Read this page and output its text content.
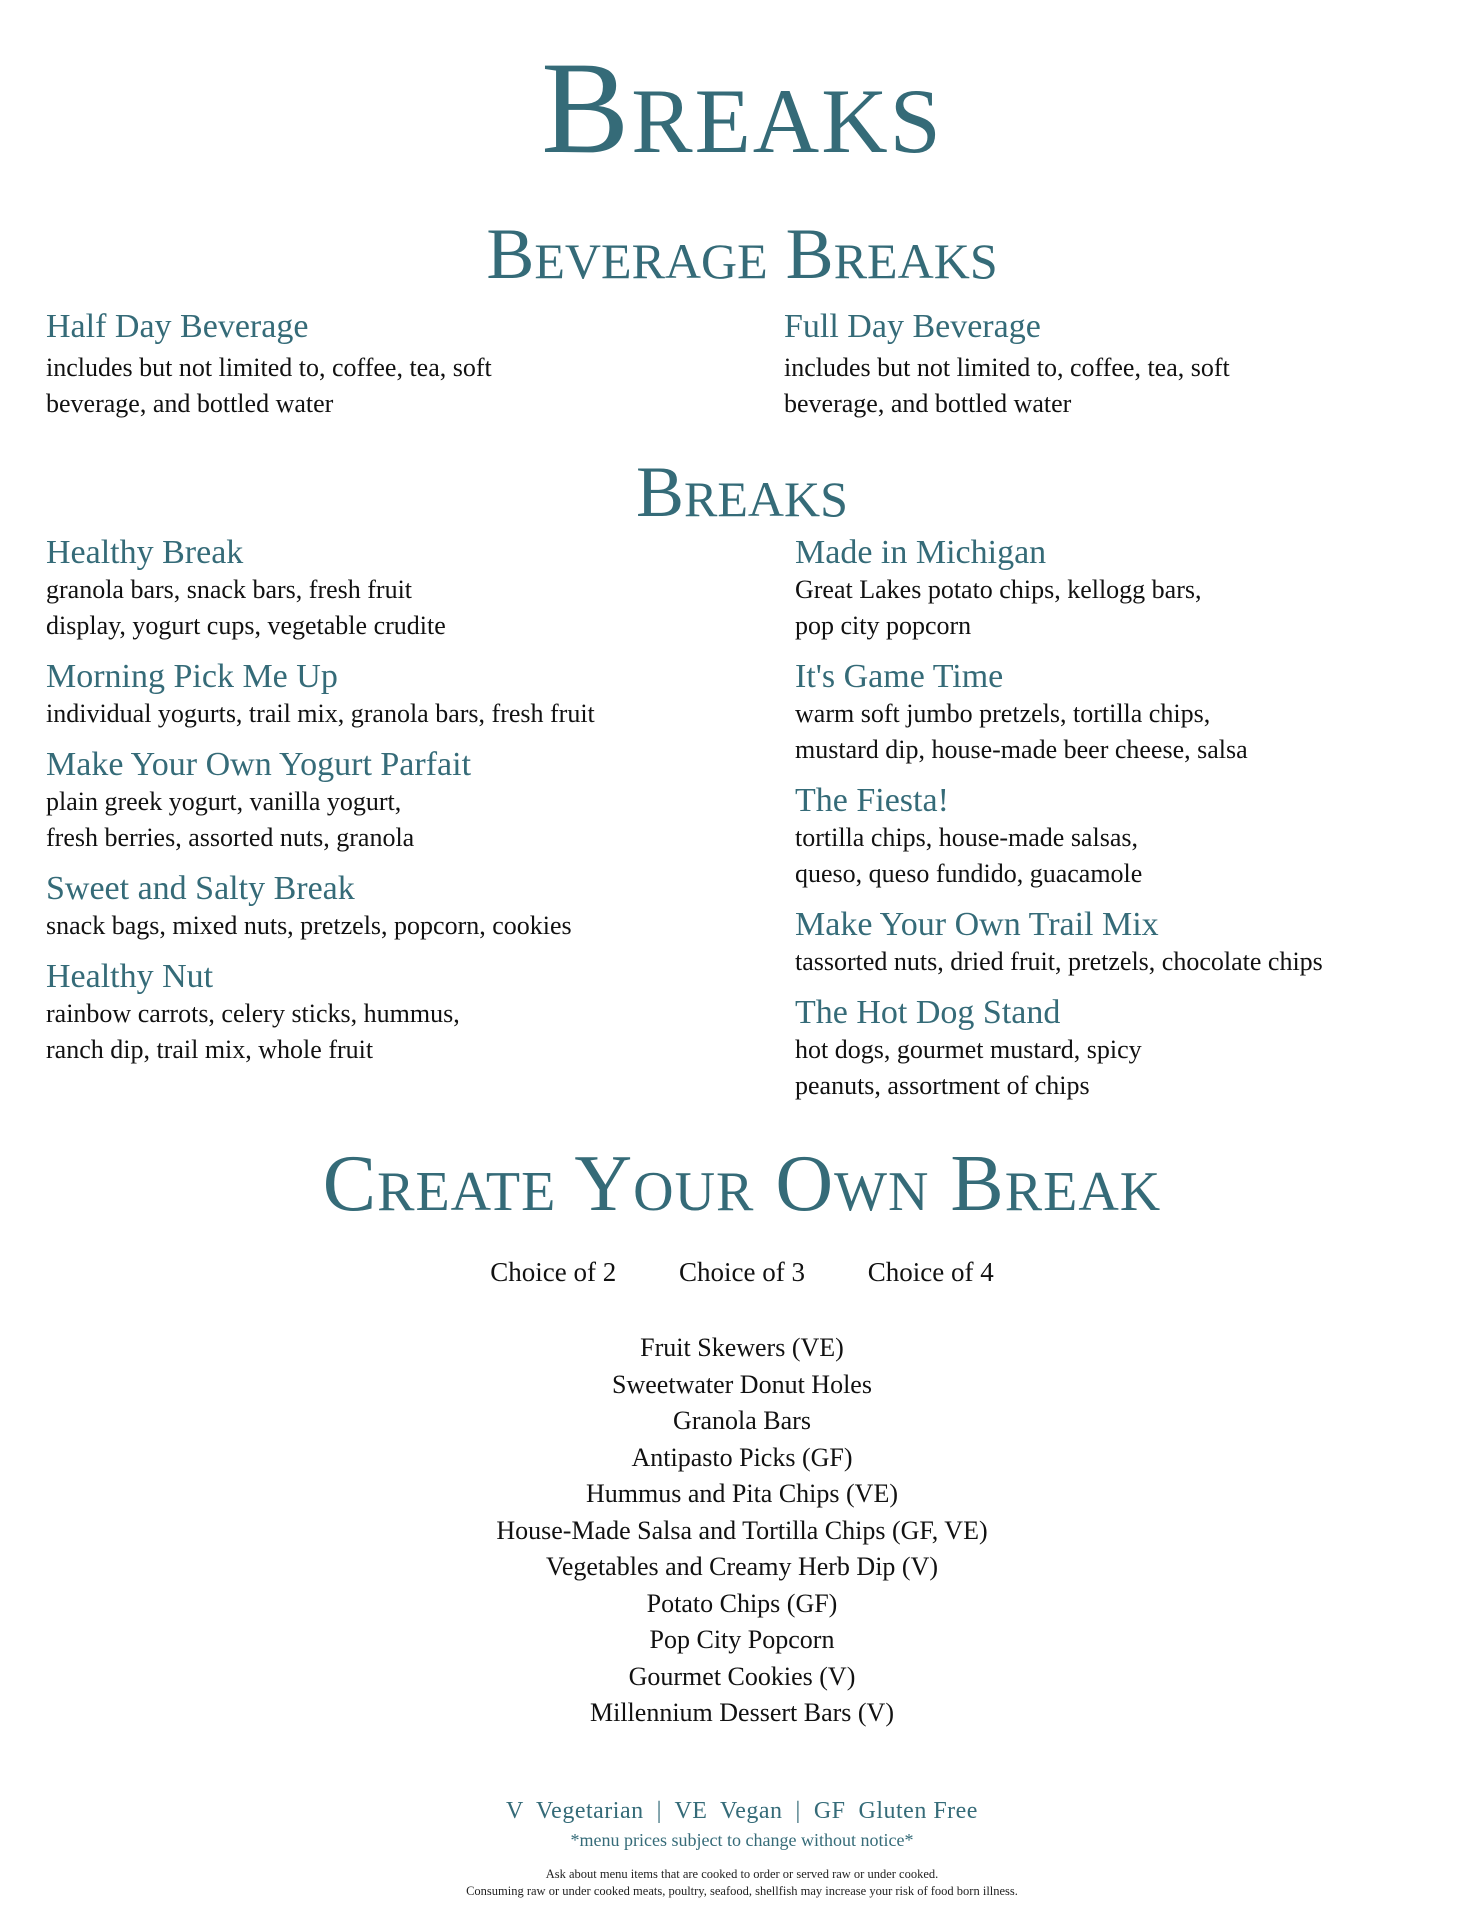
Breaks
Beverage Breaks

Half Day Beverage

includes but not limited to, coffee, tea, soft
beverage, and bottled water

Full Day Beverage

includes but not limited to, coffee, tea, soft
beverage, and bottled water

Breaks

Healthy Break

granola bars, snack bars, fresh fruit
display, yogurt cups, vegetable crudite

Morning Pick Me Up

individual yogurts, trail mix, granola bars, fresh fruit

Make Your Own Yogurt Parfait

plain greek yogurt, vanilla yogurt,
fresh berries, assorted nuts, granola

Sweet and Salty Break

snack bags, mixed nuts, pretzels, popcorn, cookies

Healthy Nut

rainbow carrots, celery sticks, hummus,
ranch dip, trail mix, whole fruit

Made in Michigan

Great Lakes potato chips, kellogg bars,
pop city popcorn

It's Game Time

warm soft jumbo pretzels, tortilla chips,
mustard dip, house-made beer cheese, salsa

The Fiesta!

tortilla chips, house-made salsas,
queso, queso fundido, guacamole

Make Your Own Trail Mix

tassorted nuts, dried fruit, pretzels, chocolate chips

The Hot Dog Stand

hot dogs, gourmet mustard, spicy
peanuts, assortment of chips

Create Your Own Break
Choice of 2 Choice of 3 Choice of 4
Fruit Skewers (VE)
Sweetwater Donut Holes
Granola Bars
Antipasto Picks (GF)
Hummus and Pita Chips (VE)
House-Made Salsa and Tortilla Chips (GF, VE)
Vegetables and Creamy Herb Dip (V)
Potato Chips (GF)
Pop City Popcorn
Gourmet Cookies (V)
Millennium Dessert Bars (V)
V  Vegetarian  |  VE  Vegan  |  GF  Gluten Free
*menu prices subject to change without notice*
Ask about menu items that are cooked to order or served raw or under cooked.
Consuming raw or under cooked meats, poultry, seafood, shellfish may increase your risk of food born illness.
